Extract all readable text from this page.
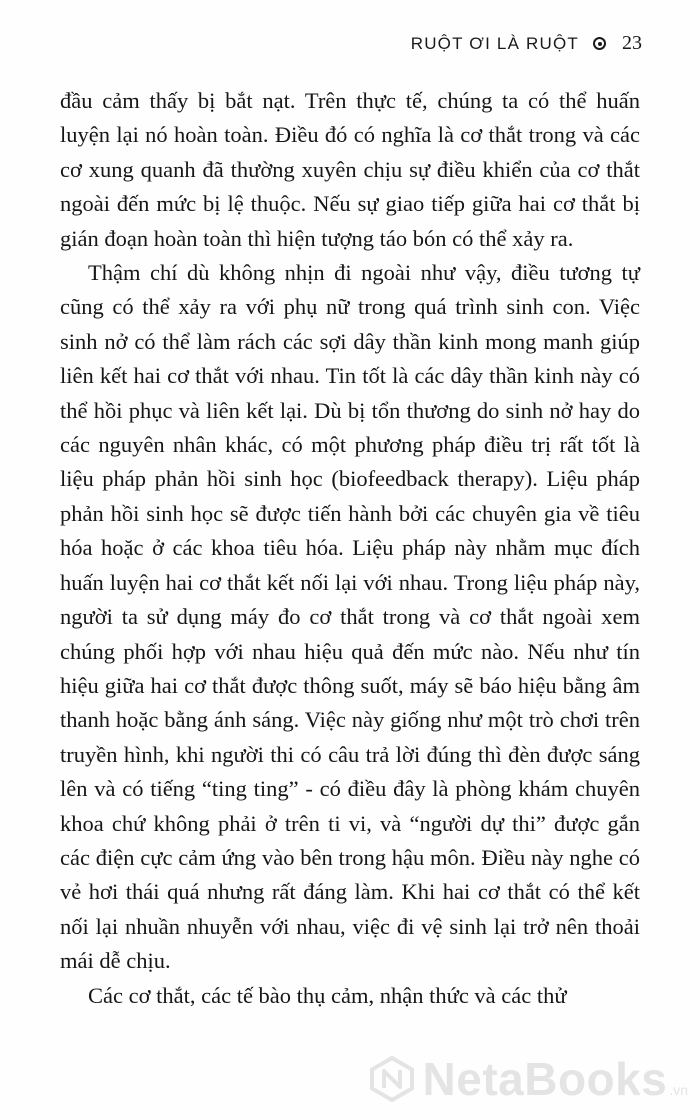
RUỘT ƠI LÀ RUỘT 23

đầu cảm thấy bị bắt nạt. Trên thực tế, chúng ta có thể huấn luyện lại nó hoàn toàn. Điều đó có nghĩa là cơ thắt trong và các cơ xung quanh đã thường xuyên chịu sự điều khiển của cơ thắt ngoài đến mức bị lệ thuộc. Nếu sự giao tiếp giữa hai cơ thắt bị gián đoạn hoàn toàn thì hiện tượng táo bón có thể xảy ra.

Thậm chí dù không nhịn đi ngoài như vậy, điều tương tự cũng có thể xảy ra với phụ nữ trong quá trình sinh con. Việc sinh nở có thể làm rách các sợi dây thần kinh mong manh giúp liên kết hai cơ thắt với nhau. Tin tốt là các dây thần kinh này có thể hồi phục và liên kết lại. Dù bị tổn thương do sinh nở hay do các nguyên nhân khác, có một phương pháp điều trị rất tốt là liệu pháp phản hồi sinh học (biofeedback therapy). Liệu pháp phản hồi sinh học sẽ được tiến hành bởi các chuyên gia về tiêu hóa hoặc ở các khoa tiêu hóa. Liệu pháp này nhằm mục đích huấn luyện hai cơ thắt kết nối lại với nhau. Trong liệu pháp này, người ta sử dụng máy đo cơ thắt trong và cơ thắt ngoài xem chúng phối hợp với nhau hiệu quả đến mức nào. Nếu như tín hiệu giữa hai cơ thắt được thông suốt, máy sẽ báo hiệu bằng âm thanh hoặc bằng ánh sáng. Việc này giống như một trò chơi trên truyền hình, khi người thi có câu trả lời đúng thì đèn được sáng lên và có tiếng “ting ting” - có điều đây là phòng khám chuyên khoa chứ không phải ở trên ti vi, và “người dự thi” được gắn các điện cực cảm ứng vào bên trong hậu môn. Điều này nghe có vẻ hơi thái quá nhưng rất đáng làm. Khi hai cơ thắt có thể kết nối lại nhuần nhuyễn với nhau, việc đi vệ sinh lại trở nên thoải mái dễ chịu.

Các cơ thắt, các tế bào thụ cảm, nhận thức và các thử

NetaBooks .vn
